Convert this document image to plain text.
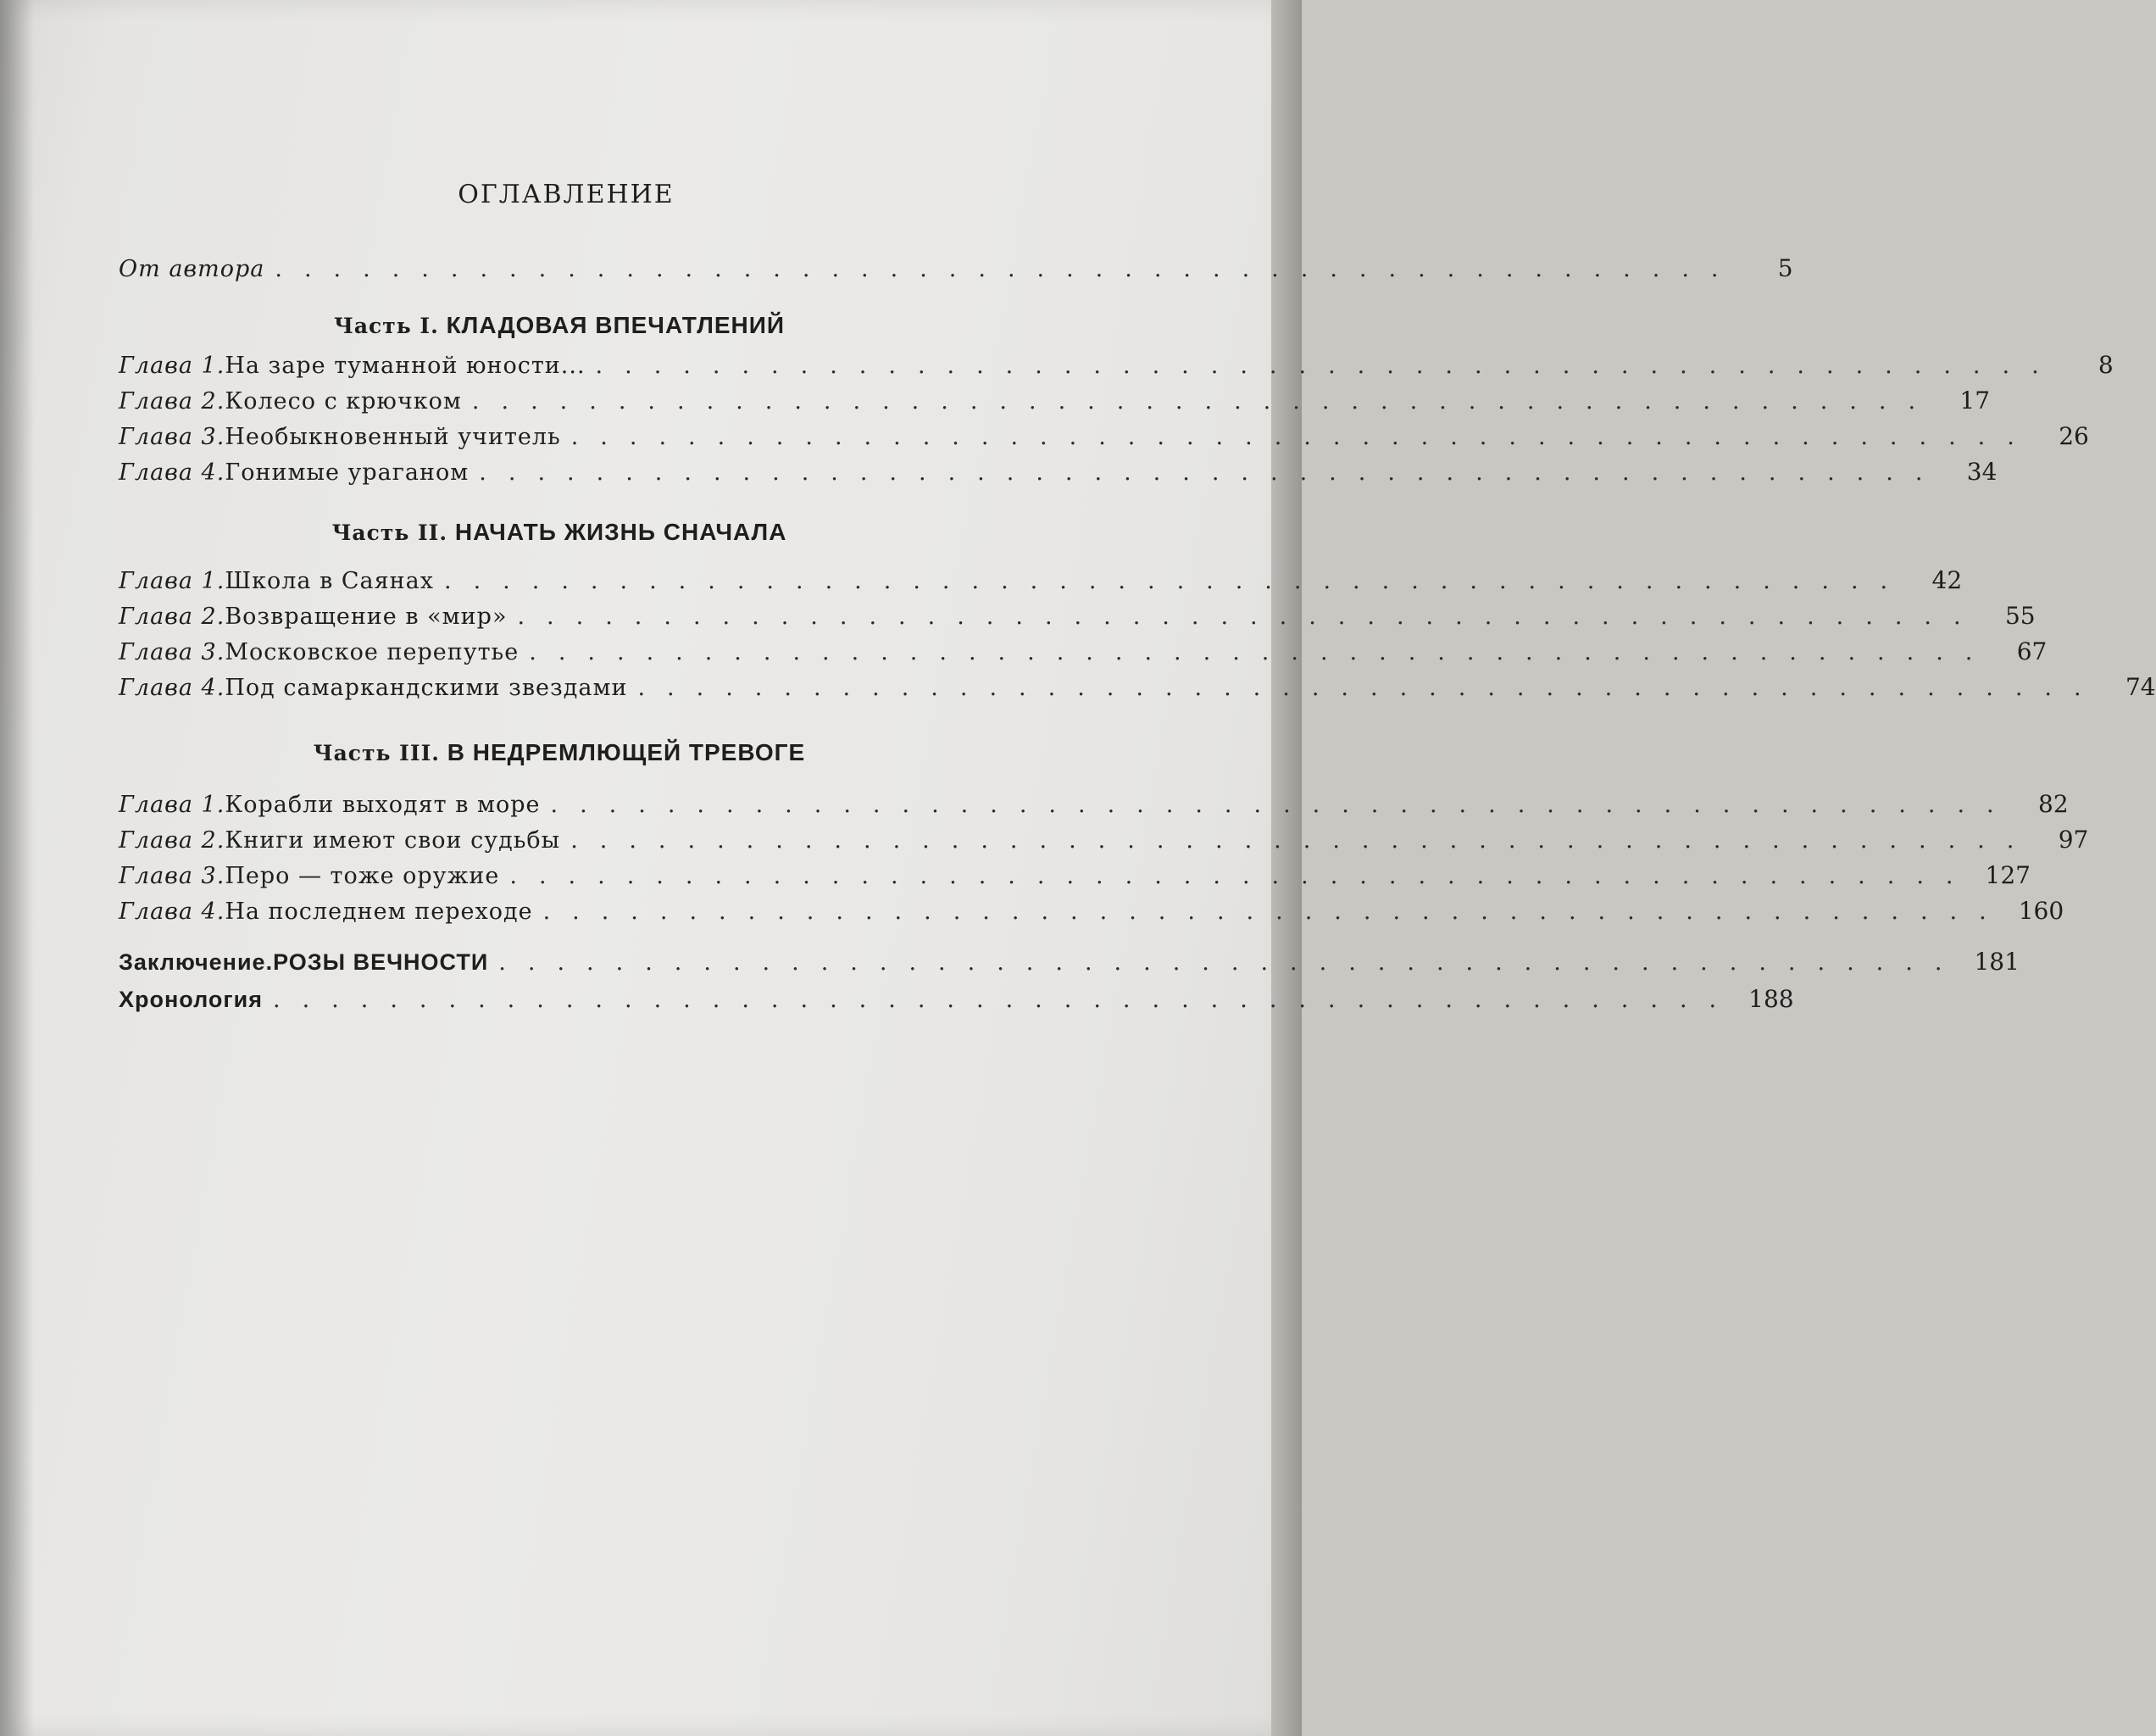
ОГЛАВЛЕНИЕ
От автора ..................................................	5
Часть I. КЛАДОВАЯ ВПЕЧАТЛЕНИЙ
Глава 1. На заре туманной юности... ..................................................	8
Глава 2. Колесо с крючком .................................................. 17
Глава 3. Необыкновенный учитель .................................................. 26
Глава 4. Гонимые ураганом .................................................. 34
Часть II. НАЧАТЬ ЖИЗНЬ СНАЧАЛА
Глава 1. Школа в Саянах .................................................. 42
Глава 2. Возвращение в «мир» .................................................. 55
Глава 3. Московское перепутье .................................................. 67
Глава 4. Под самаркандскими звездами .................................................. 74
Часть III. В НЕДРЕМЛЮЩЕЙ ТРЕВОГЕ
Глава 1. Корабли выходят в море .................................................. 82
Глава 2. Книги имеют свои судьбы .................................................. 97
Глава 3. Перо — тоже оружие .................................................. 127
Глава 4. На последнем переходе .................................................. 160
Заключение. РОЗЫ ВЕЧНОСТИ .................................................. 181
Хронология .................................................. 188
